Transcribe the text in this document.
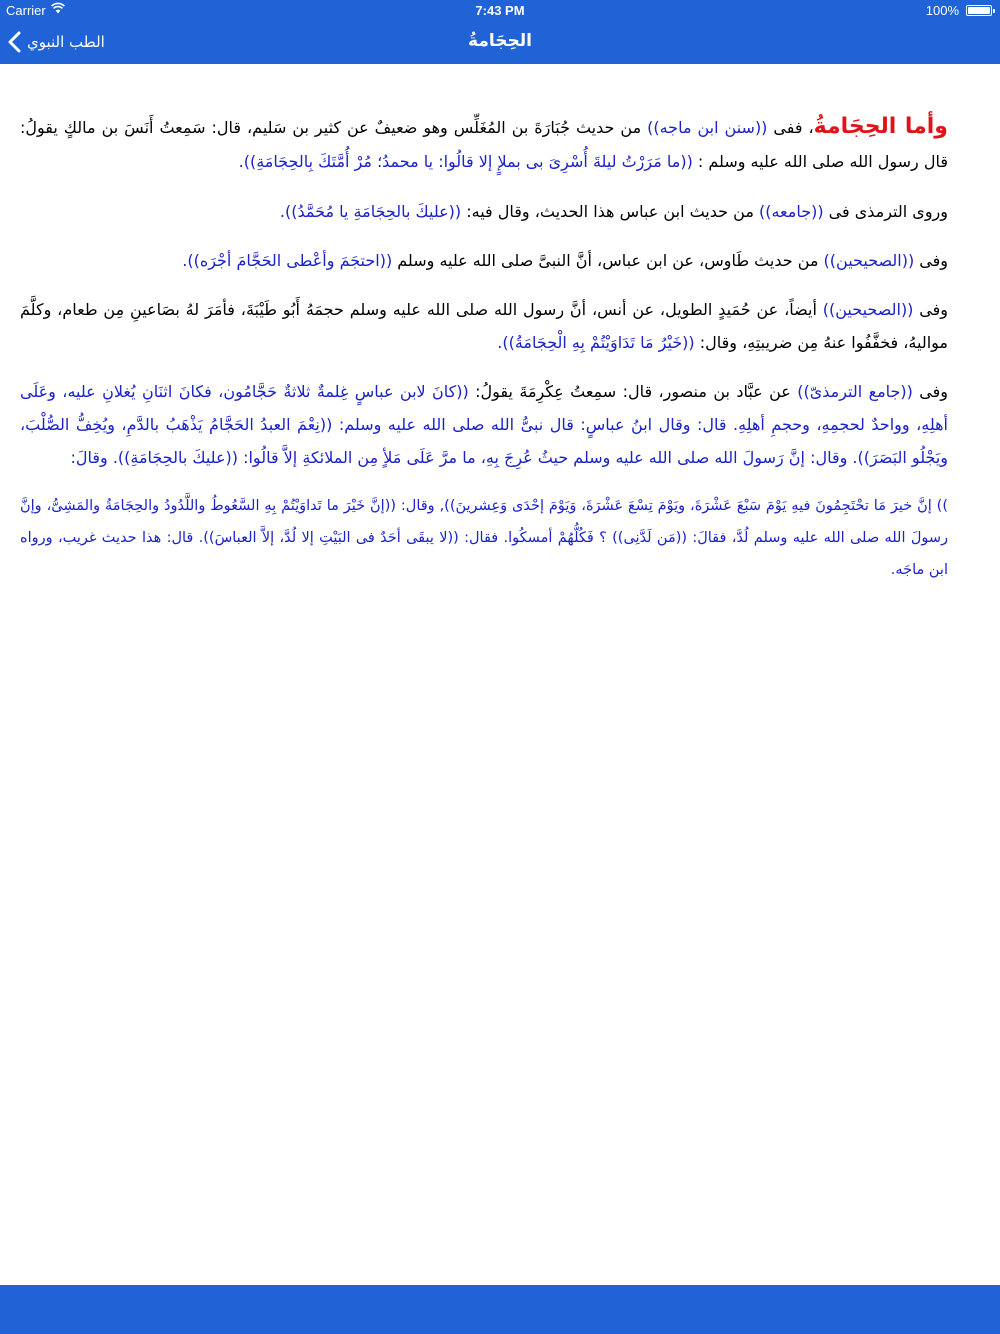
Carrier	7:43 PM	100%
الطب النبوي	الحِجَامةُ

وأما الحِجَامةُ، ففى ((سنن ابن ماجه)) من حديث جُبَارَةَ بن المُغَلِّس وهو ضعيفٌ عن كثير بن سَليم، قال: سَمِعتُ أَنَسَ بن مالكٍ يقولُ: قال رسول الله صلى الله عليه وسلم : ((ما مَرَرْتُ ليلةَ أُسْرِىَ بى بملإٍ إلا قالُوا: يا محمدُ؛ مُرْ أُمَّتَكَ بِالحِجَامَةِ)).

وروى الترمذى فى ((جامعه)) من حديث ابن عباس هذا الحديث، وقال فيه: ((عليكَ بالحِجَامَةِ يا مُحَمَّدُ)).

وفى ((الصحيحين)) من حديث طَاوس، عن ابن عباس، أنَّ النبىَّ صلى الله عليه وسلم ((احتجَمَ وأعْطى الحَجَّامَ أجْرَه)).

وفى ((الصحيحين)) أيضاً، عن حُمَيدٍ الطويل، عن أنس، أنَّ رسول الله صلى الله عليه وسلم حجمَهُ أَبُو طَيْبَةَ، فأمَرَ لهُ بصَاعينِ مِن طعام، وكلَّمَ مواليهُ، فخفَّفُوا عنهُ مِن ضريبتِهِ، وقال: ((خَيْرُ مَا تَدَاوَيْتُمْ بِهِ الْحِجَامَةُ)).

وفى ((جامع الترمذىّ)) عن عبَّاد بن منصور، قال: سمِعتُ عِكْرِمَةَ يقولُ: ((كانَ لابن عباسٍ غِلمةٌ ثلاثةٌ حَجَّامُون، فكانَ اثنَانِ يُغلانِ عليه، وعَلَى أهلِهِ، وواحدٌ لحجمِهِ، وحجمِ أهلِهِ. قال: وقال ابنُ عباسٍ: قال نبىُّ الله صلى الله عليه وسلم: ((نِعْمَ العبدُ الحَجَّامُ يَذْهَبُ بالدَّمِ، ويُخِفُّ الصُّلْبَ، ويَجْلُو البَصَرَ)). وقال: إنَّ رَسولَ الله صلى الله عليه وسلم حيثُ عُرِجَ بِهِ، ما مرَّ عَلَى مَلأٍ مِن الملائكةِ إلاَّ قالُوا: ((عليكَ بالحِجَامَةِ)). وقالَ:

)) إنَّ خيرَ مَا تحْتَجِمُونَ فيهِ يَوْمَ سَبْعَ عَشْرَةَ، ويَوْمَ تِسْعَ عَشْرَةَ، وَيَوْمَ إحْدَى وَعِشرينَ)), وقال: ((إنَّ خَيْرَ ما تَداوَيْتُمْ بِهِ السَّعُوطُ واللَّدُودُ والحِجَامَةُ والمَشِىُّ، وإنَّ رسولَ الله صلى الله عليه وسلم لُدَّ، فقالَ: ((مَن لَدَّنِى)) ؟ فَكُلُّهُمْ أمسكُوا. فقال: ((لا يبقَى أحَدٌ فى البَيْتِ إلا لُدَّ، إلاَّ العباسَ)). قال: هذا حديث غريب، ورواه ابن ماجَه.
